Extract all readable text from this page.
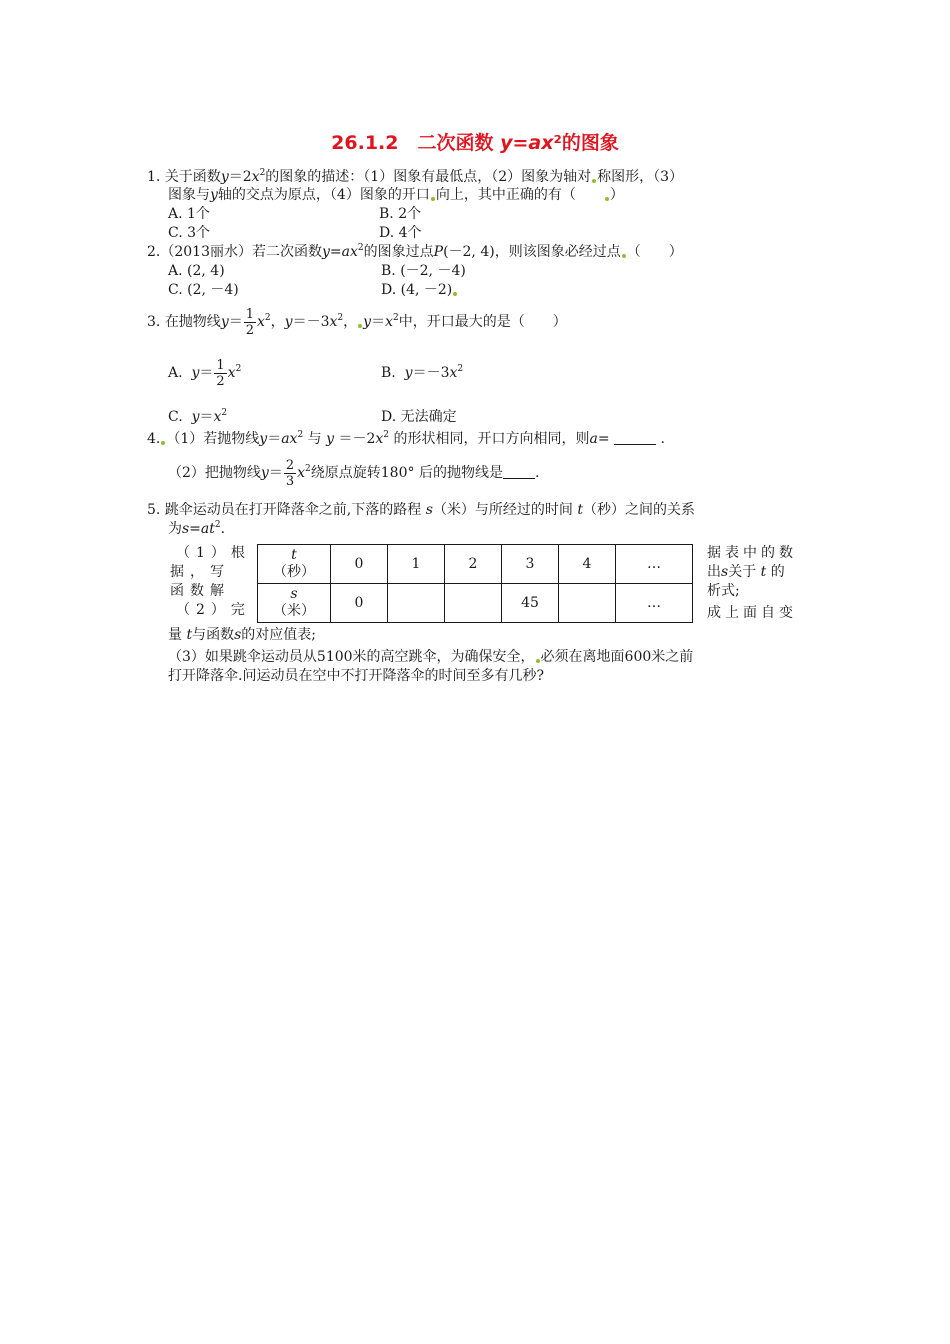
26.1.2　二次函数 y=ax²的图象
1. 关于函数$y=2x^2$的图象的描述：（1）图象有最低点，（2）图象为轴对 称图形，（3）
图象与y轴的交点为原点，（4）图象的开口 向上，其中正确的有（　　）
A. 1个	B. 2个
C. 3个	D. 4个
2.（2013丽水）若二次函数$y=ax^2$的图象过点P(－2, 4)，则该图象必经过点 （　　）
A. (2, 4)	B. (－2, －4)
C. (2, －4)	D. (4, －2)
3. 在抛物线$y= \frac{1}{2} x^2$，$y=-3x^2$， $y=x^2$中，开口最大的是（　　）
A. $y= \frac{1}{2} x^2$	B. $y=-3x^2$
C. $y=x^2$	D. 无法确定
4. （1）若抛物线$y=ax^2$ 与 $y =-2x^2$ 的形状相同，开口方向相同，则a=	.
（2）把抛物线$y= \frac{2}{3} x^2$绕原点旋转180° 后的抛物线是 .
5. 跳伞运动员在打开降落伞之前,下落的路程 s（米）与所经过的时间 t（秒）之间的关系
为$s=at^2$.
（1）根
据，写
函数解
（2）完
t
（秒）	0	1	2	3	4	…
s
（米）	0			45		…
据表中的数
出s关于 t 的
析式;
成上面自变
量 t与函数s的对应值表;
（3）如果跳伞运动员从5100米的高空跳伞，为确保安全， 必须在离地面600米之前
打开降落伞.问运动员在空中不打开降落伞的时间至多有几秒?
